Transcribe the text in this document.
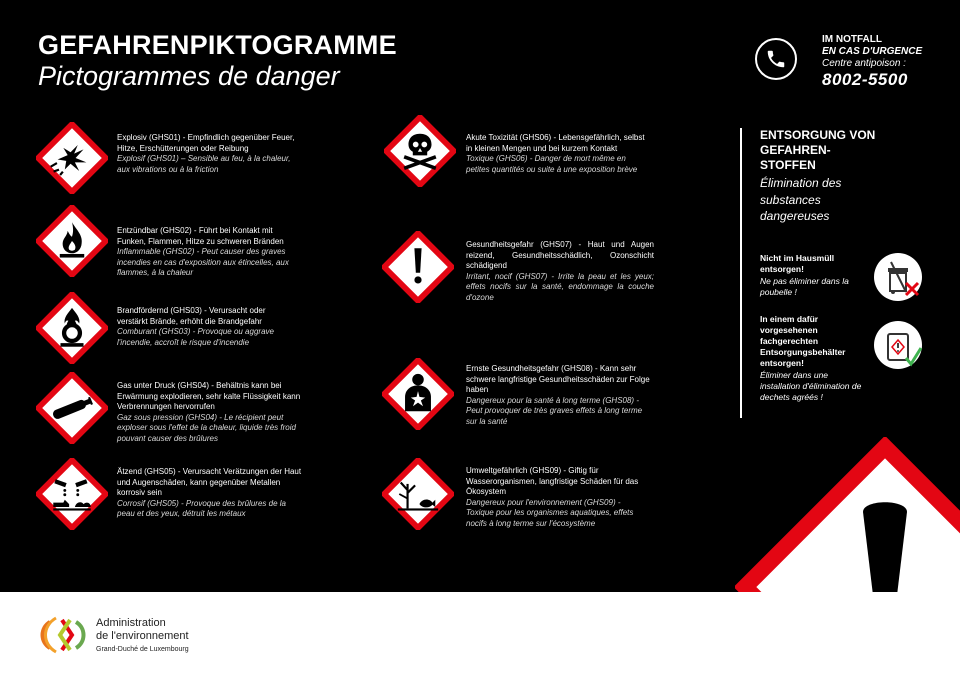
GEFAHRENPIKTOGRAMME
Pictogrammes de danger
IM NOTFALL
EN CAS D'URGENCE
Centre antipoison :
8002-5500
Explosiv (GHS01) - Empfindlich gegenüber Feuer, Hitze, Erschütterungen oder Reibung
Explosif (GHS01) – Sensible au feu, à la chaleur, aux vibrations ou à la friction
Entzündbar (GHS02) - Führt bei Kontakt mit Funken, Flammen, Hitze zu schweren Bränden
Inflammable (GHS02) - Peut causer des graves incendies en cas d'exposition aux étincelles, aux flammes, à la chaleur
Brandfördernd (GHS03) - Verursacht oder verstärkt Brände, erhöht die Brandgefahr
Comburant (GHS03) - Provoque ou aggrave l'incendie, accroît le risque d'incendie
Gas unter Druck (GHS04) - Behältnis kann bei Erwärmung explodieren, sehr kalte Flüssigkeit kann Verbrennungen hervorrufen
Gaz sous pression (GHS04) - Le récipient peut exploser sous l'effet de la chaleur, liquide très froid pouvant causer des brûlures
Ätzend (GHS05) - Verursacht Verätzungen der Haut und Augenschäden, kann gegenüber Metallen korrosiv sein
Corrosif (GHS05) - Provoque des brûlures de la peau et des yeux, détruit les métaux
Akute Toxizität (GHS06) - Lebensgefährlich, selbst in kleinen Mengen und bei kurzem Kontakt
Toxique (GHS06) - Danger de mort même en petites quantités ou suite à une exposition brève
Gesundheitsgefahr (GHS07) - Haut und Augen reizend, Gesundheitsschädlich, Ozonschicht schädigend
Irritant, nocif (GHS07) - Irrite la peau et les yeux; effets nocifs sur la santé, endommage la couche d'ozone
Ernste Gesundheitsgefahr (GHS08) - Kann sehr schwere langfristige Gesundheitsschäden zur Folge haben
Dangereux pour la santé à long terme (GHS08) - Peut provoquer de très graves effets à long terme sur la santé
Umweltgefährlich (GHS09) - Giftig für Wasserorganismen, langfristige Schäden für das Ökosystem
Dangereux pour l'environnement (GHS09) - Toxique pour les organismes aquatiques, effets nocifs à long terme sur l'écosystème
ENTSORGUNG VON GEFAHREN-STOFFEN
Élimination des substances dangereuses
Nicht im Hausmüll entsorgen!
Ne pas éliminer dans la poubelle !
In einem dafür vorgesehenen fachgerechten Entsorgungsbehälter entsorgen!
Éliminer dans une installation d'élimination de dechets agréés !
Administration
de l'environnement
Grand-Duché de Luxembourg
